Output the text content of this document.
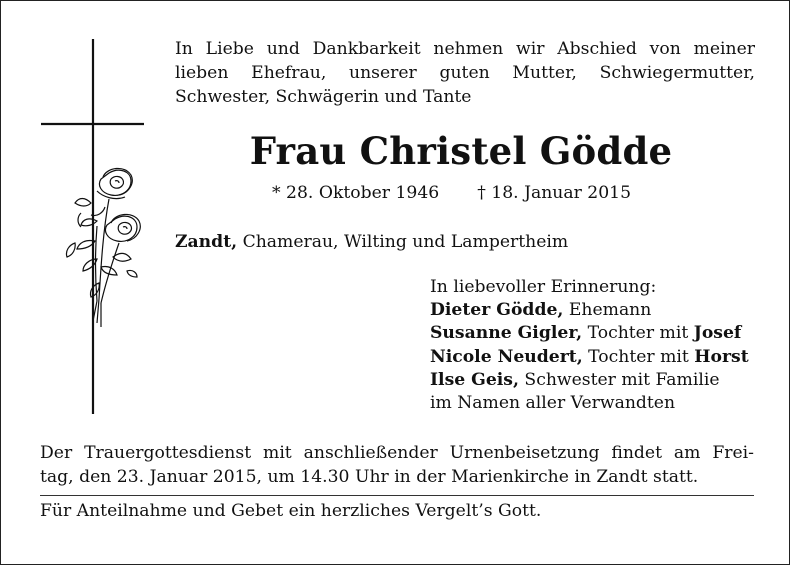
In Liebe und Dankbarkeit nehmen wir Abschied von meiner
lieben Ehefrau, unserer guten Mutter, Schwiegermutter,
Schwester, Schwägerin und Tante
Frau Christel Gödde
* 28. Oktober 1946 † 18. Januar 2015
Zandt, Chamerau, Wilting und Lampertheim
In liebevoller Erinnerung:
Dieter Gödde, Ehemann
Susanne Gigler, Tochter mit Josef
Nicole Neudert, Tochter mit Horst
Ilse Geis, Schwester mit Familie
im Namen aller Verwandten
Der Trauergottesdienst mit anschließender Urnenbeisetzung findet am Frei-
tag, den 23. Januar 2015, um 14.30 Uhr in der Marienkirche in Zandt statt.
Für Anteilnahme und Gebet ein herzliches Vergelt’s Gott.
